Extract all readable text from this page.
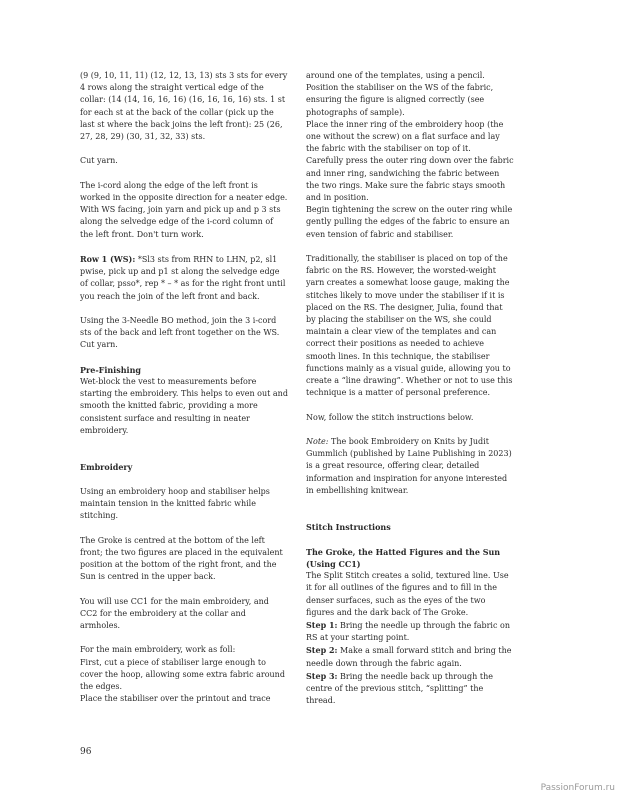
(9 (9, 10, 11, 11) (12, 12, 13, 13) sts 3 sts for every 4 rows along the straight vertical edge of the collar: (14 (14, 16, 16, 16) (16, 16, 16, 16) sts. 1 st for each st at the back of the collar (pick up the last st where the back joins the left front): 25 (26, 27, 28, 29) (30, 31, 32, 33) sts.

Cut yarn.

The i-cord along the edge of the left front is worked in the opposite direction for a neater edge. With WS facing, join yarn and pick up and p 3 sts along the selvedge edge of the i-cord column of the left front. Don't turn work.

Row 1 (WS): *Sl3 sts from RHN to LHN, p2, sl1 pwise, pick up and p1 st along the selvedge edge of collar, psso*, rep * – * as for the right front until you reach the join of the left front and back.

Using the 3-Needle BO method, join the 3 i-cord sts of the back and left front together on the WS. Cut yarn.

Pre-Finishing

Wet-block the vest to measurements before starting the embroidery. This helps to even out and smooth the knitted fabric, providing a more consistent surface and resulting in neater embroidery.

Embroidery

Using an embroidery hoop and stabiliser helps maintain tension in the knitted fabric while stitching.

The Groke is centred at the bottom of the left front; the two figures are placed in the equivalent position at the bottom of the right front, and the Sun is centred in the upper back.

You will use CC1 for the main embroidery, and CC2 for the embroidery at the collar and armholes.

For the main embroidery, work as foll:

First, cut a piece of stabiliser large enough to cover the hoop, allowing some extra fabric around the edges.

Place the stabiliser over the printout and trace

around one of the templates, using a pencil.

Position the stabiliser on the WS of the fabric, ensuring the figure is aligned correctly (see photographs of sample).

Place the inner ring of the embroidery hoop (the one without the screw) on a flat surface and lay the fabric with the stabiliser on top of it.

Carefully press the outer ring down over the fabric and inner ring, sandwiching the fabric between the two rings. Make sure the fabric stays smooth and in position.

Begin tightening the screw on the outer ring while gently pulling the edges of the fabric to ensure an even tension of fabric and stabiliser.

Traditionally, the stabiliser is placed on top of the fabric on the RS. However, the worsted-weight yarn creates a somewhat loose gauge, making the stitches likely to move under the stabiliser if it is placed on the RS. The designer, Julia, found that by placing the stabiliser on the WS, she could maintain a clear view of the templates and can correct their positions as needed to achieve smooth lines. In this technique, the stabiliser functions mainly as a visual guide, allowing you to create a “line drawing”. Whether or not to use this technique is a matter of personal preference.

Now, follow the stitch instructions below.

Note: The book Embroidery on Knits by Judit Gummlich (published by Laine Publishing in 2023) is a great resource, offering clear, detailed information and inspiration for anyone interested in embellishing knitwear.

Stitch Instructions
The Groke, the Hatted Figures and the Sun (Using CC1)

The Split Stitch creates a solid, textured line. Use it for all outlines of the figures and to fill in the denser surfaces, such as the eyes of the two figures and the dark back of The Groke.

Step 1: Bring the needle up through the fabric on RS at your starting point.

Step 2: Make a small forward stitch and bring the needle down through the fabric again.

Step 3: Bring the needle back up through the centre of the previous stitch, “splitting” the thread.

96
PassionForum.ru
